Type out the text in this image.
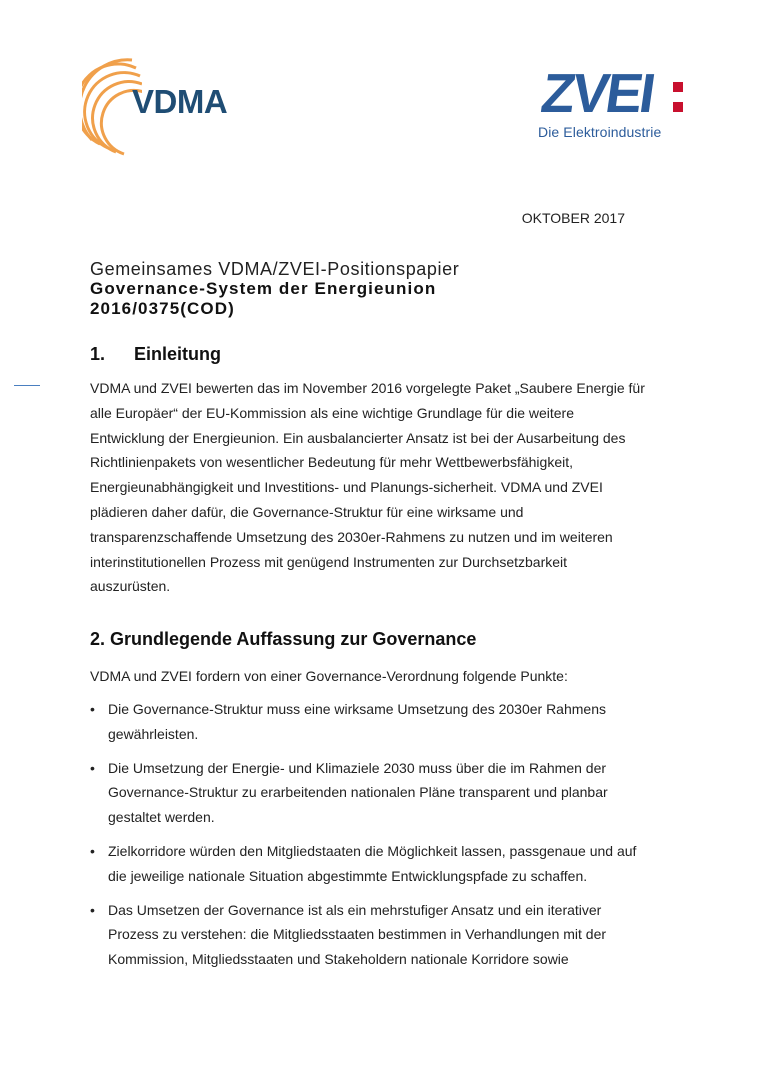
VDMA	ZVEI
Die Elektroindustrie
OKTOBER 2017
Gemeinsames VDMA/ZVEI-Positionspapier
Governance-System der Energieunion
2016/0375(COD)
1. Einleitung

VDMA und ZVEI bewerten das im November 2016 vorgelegte Paket „Saubere Energie für alle Europäer“ der EU-Kommission als eine wichtige Grundlage für die weitere Entwicklung der Energieunion. Ein ausbalancierter Ansatz ist bei der Ausarbeitung des Richtlinienpakets von wesentlicher Bedeutung für mehr Wettbewerbsfähigkeit, Energieunabhängigkeit und Investitions- und Planungs-sicherheit. VDMA und ZVEI plädieren daher dafür, die Governance-Struktur für eine wirksame und transparenzschaffende Umsetzung des 2030er-Rahmens zu nutzen und im weiteren interinstitutionellen Prozess mit genügend Instrumenten zur Durchsetzbarkeit auszurüsten.

2. Grundlegende Auffassung zur Governance

VDMA und ZVEI fordern von einer Governance-Verordnung folgende Punkte:

• Die Governance-Struktur muss eine wirksame Umsetzung des 2030er Rahmens gewährleisten.
• Die Umsetzung der Energie- und Klimaziele 2030 muss über die im Rahmen der Governance-Struktur zu erarbeitenden nationalen Pläne transparent und planbar gestaltet werden.
• Zielkorridore würden den Mitgliedstaaten die Möglichkeit lassen, passgenaue und auf die jeweilige nationale Situation abgestimmte Entwicklungspfade zu schaffen.
• Das Umsetzen der Governance ist als ein mehrstufiger Ansatz und ein iterativer Prozess zu verstehen: die Mitgliedsstaaten bestimmen in Verhandlungen mit der Kommission, Mitgliedsstaaten und Stakeholdern nationale Korridore sowie
